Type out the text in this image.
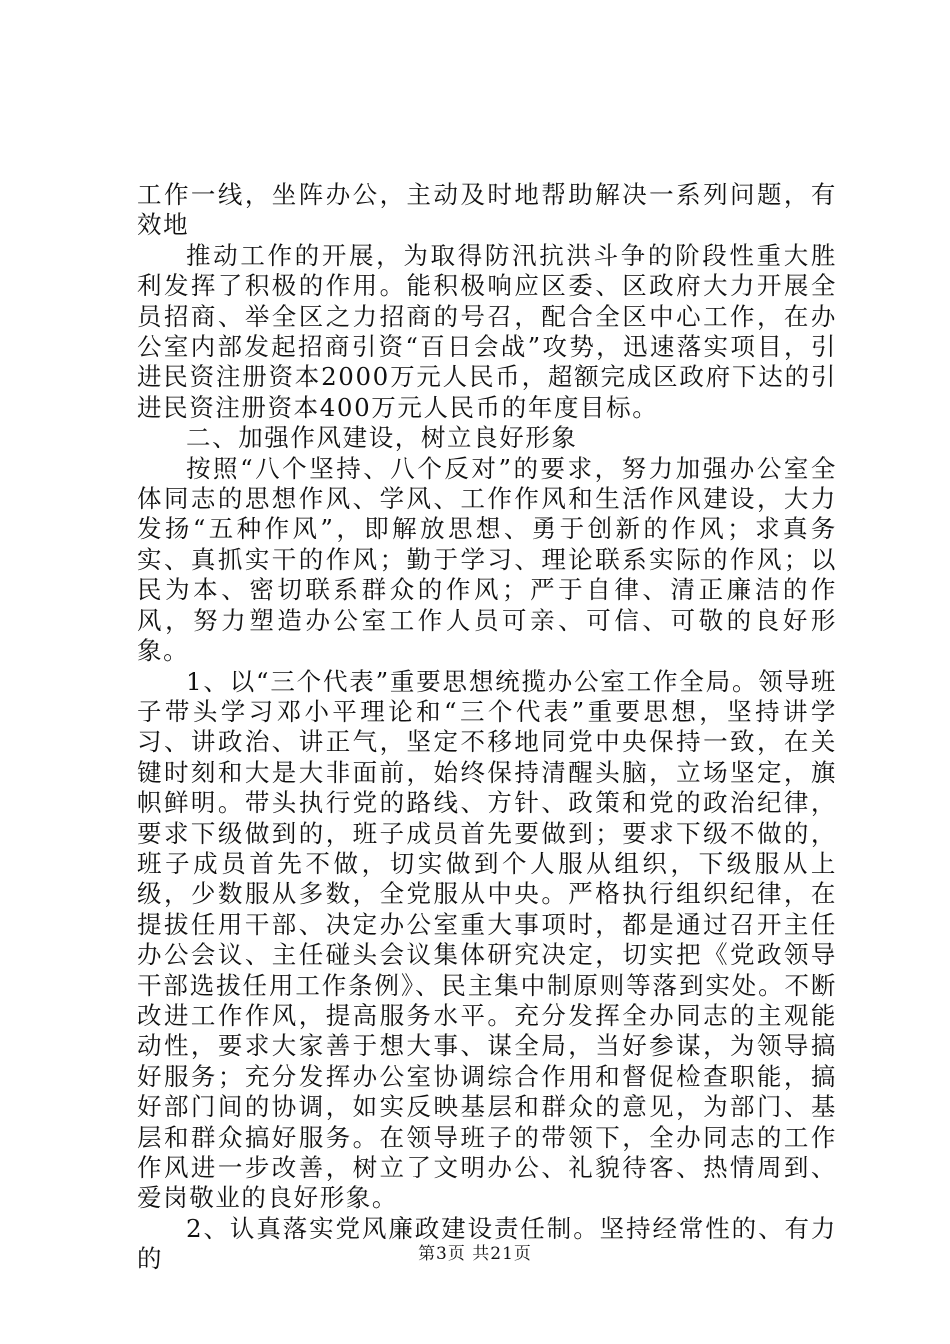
工作一线，坐阵办公，主动及时地帮助解决一系列问题，有效地

推动工作的开展，为取得防汛抗洪斗争的阶段性重大胜利发挥了积极的作用。能积极响应区委、区政府大力开展全员招商、举全区之力招商的号召，配合全区中心工作，在办公室内部发起招商引资“百日会战”攻势，迅速落实项目，引进民资注册资本2000万元人民币，超额完成区政府下达的引进民资注册资本400万元人民币的年度目标。

二、加强作风建设，树立良好形象

按照“八个坚持、八个反对”的要求，努力加强办公室全体同志的思想作风、学风、工作作风和生活作风建设，大力发扬“五种作风”，即解放思想、勇于创新的作风；求真务实、真抓实干的作风；勤于学习、理论联系实际的作风；以民为本、密切联系群众的作风；严于自律、清正廉洁的作风，努力塑造办公室工作人员可亲、可信、可敬的良好形象。

1、以“三个代表”重要思想统揽办公室工作全局。领导班子带头学习邓小平理论和“三个代表”重要思想，坚持讲学习、讲政治、讲正气，坚定不移地同党中央保持一致，在关键时刻和大是大非面前，始终保持清醒头脑，立场坚定，旗帜鲜明。带头执行党的路线、方针、政策和党的政治纪律，要求下级做到的，班子成员首先要做到；要求下级不做的，班子成员首先不做，切实做到个人服从组织，下级服从上级，少数服从多数，全党服从中央。严格执行组织纪律，在提拔任用干部、决定办公室重大事项时，都是通过召开主任办公会议、主任碰头会议集体研究决定，切实把《党政领导干部选拔任用工作条例》、民主集中制原则等落到实处。不断改进工作作风，提高服务水平。充分发挥全办同志的主观能动性，要求大家善于想大事、谋全局，当好参谋，为领导搞好服务；充分发挥办公室协调综合作用和督促检查职能，搞好部门间的协调，如实反映基层和群众的意见，为部门、基层和群众搞好服务。在领导班子的带领下，全办同志的工作作风进一步改善，树立了文明办公、礼貌待客、热情周到、爱岗敬业的良好形象。

2、认真落实党风廉政建设责任制。坚持经常性的、有力的	第3页 共21页
